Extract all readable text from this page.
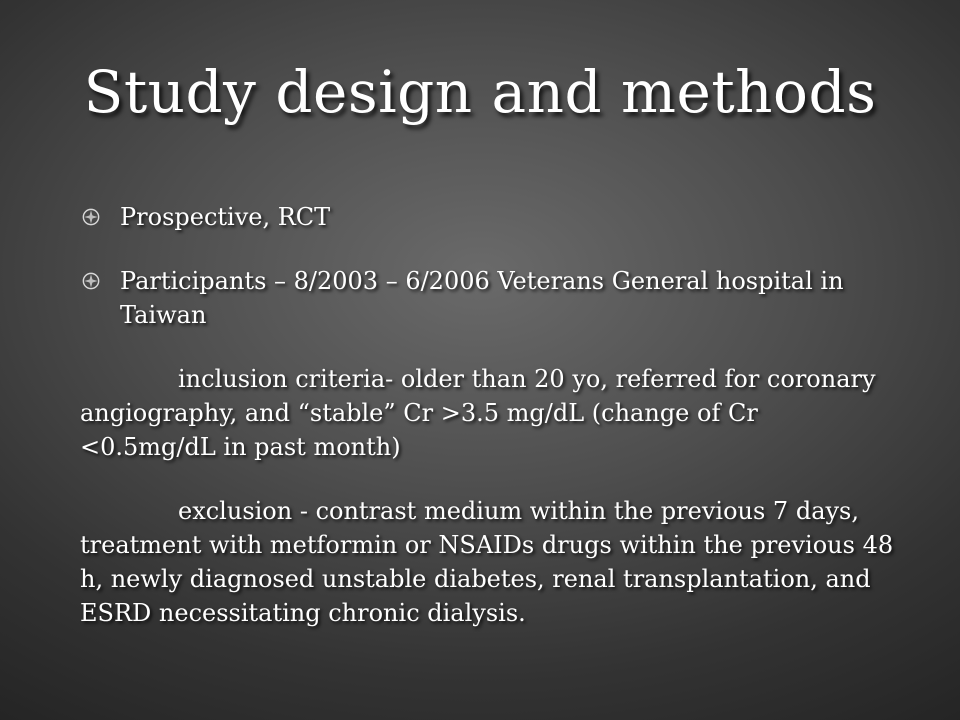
Study design and methods
Prospective, RCT
Participants – 8/2003 – 6/2006 Veterans General hospital in Taiwan

inclusion criteria- older than 20 yo, referred for coronary angiography, and “stable” Cr >3.5 mg/dL (change of Cr <0.5mg/dL in past month)

exclusion - contrast medium within the previous 7 days, treatment with metformin or NSAIDs drugs within the previous 48 h, newly diagnosed unstable diabetes, renal transplantation, and ESRD necessitating chronic dialysis.
